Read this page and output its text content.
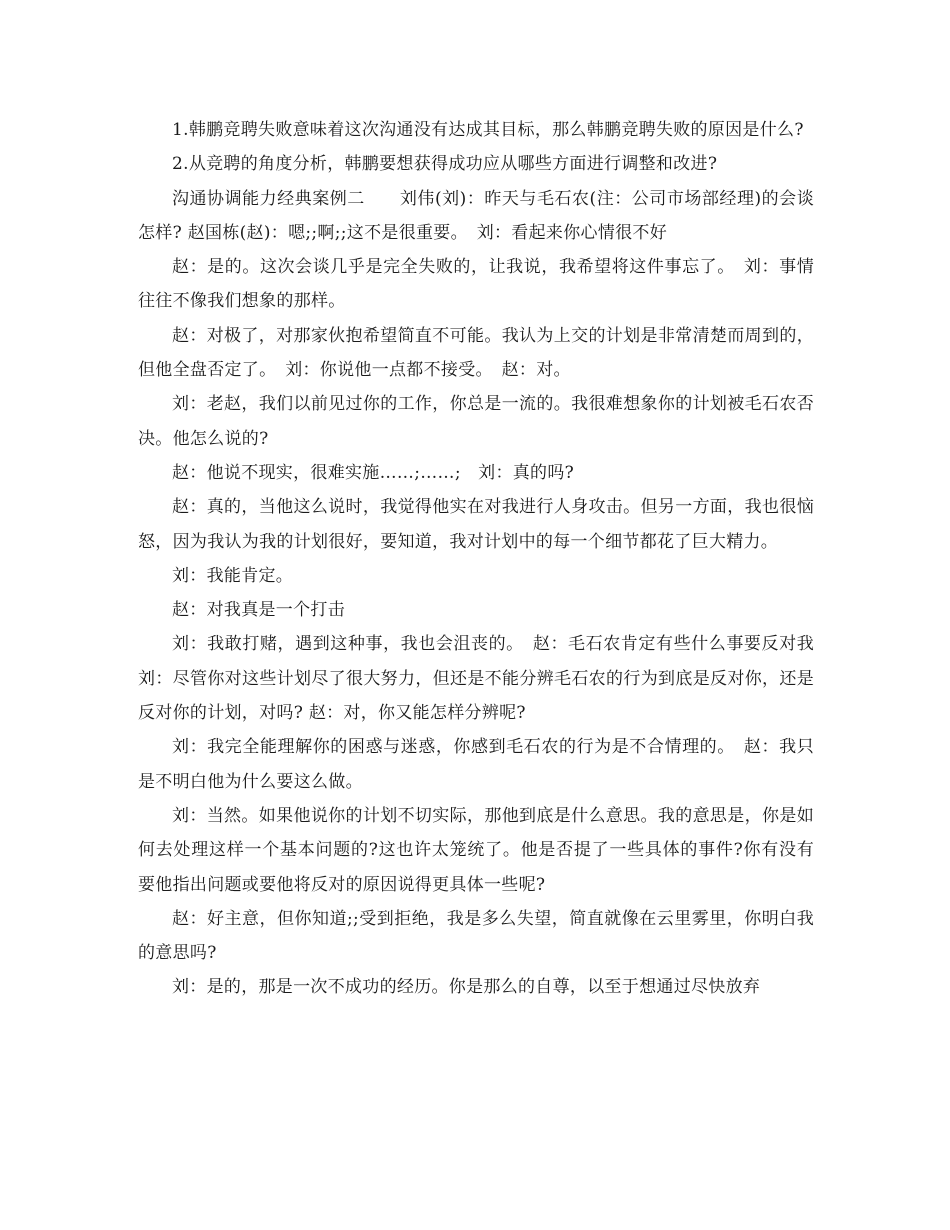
1.韩鹏竞聘失败意味着这次沟通没有达成其目标，那么韩鹏竞聘失败的原因是什么?

2.从竞聘的角度分析，韩鹏要想获得成功应从哪些方面进行调整和改进?

沟通协调能力经典案例二　　刘伟(刘)：昨天与毛石农(注：公司市场部经理)的会谈怎样? 赵国栋(赵)：嗯;;啊;;这不是很重要。　刘：看起来你心情很不好

赵：是的。这次会谈几乎是完全失败的，让我说，我希望将这件事忘了。　刘：事情往往不像我们想象的那样。

赵：对极了，对那家伙抱希望简直不可能。我认为上交的计划是非常清楚而周到的，但他全盘否定了。　刘：你说他一点都不接受。　赵：对。

刘：老赵，我们以前见过你的工作，你总是一流的。我很难想象你的计划被毛石农否决。他怎么说的?

赵：他说不现实，很难实施……;……;　刘：真的吗?

赵：真的，当他这么说时，我觉得他实在对我进行人身攻击。但另一方面，我也很恼怒，因为我认为我的计划很好，要知道，我对计划中的每一个细节都花了巨大精力。

刘：我能肯定。

赵：对我真是一个打击

刘：我敢打赌，遇到这种事，我也会沮丧的。　赵：毛石农肯定有些什么事要反对我　刘：尽管你对这些计划尽了很大努力，但还是不能分辨毛石农的行为到底是反对你，还是反对你的计划，对吗? 赵：对，你又能怎样分辨呢?

刘：我完全能理解你的困惑与迷惑，你感到毛石农的行为是不合情理的。　赵：我只是不明白他为什么要这么做。

刘：当然。如果他说你的计划不切实际，那他到底是什么意思。我的意思是，你是如何去处理这样一个基本问题的?这也许太笼统了。他是否提了一些具体的事件?你有没有要他指出问题或要他将反对的原因说得更具体一些呢?

赵：好主意，但你知道;;受到拒绝，我是多么失望，简直就像在云里雾里，你明白我的意思吗?

刘：是的，那是一次不成功的经历。你是那么的自尊，以至于想通过尽快放弃
